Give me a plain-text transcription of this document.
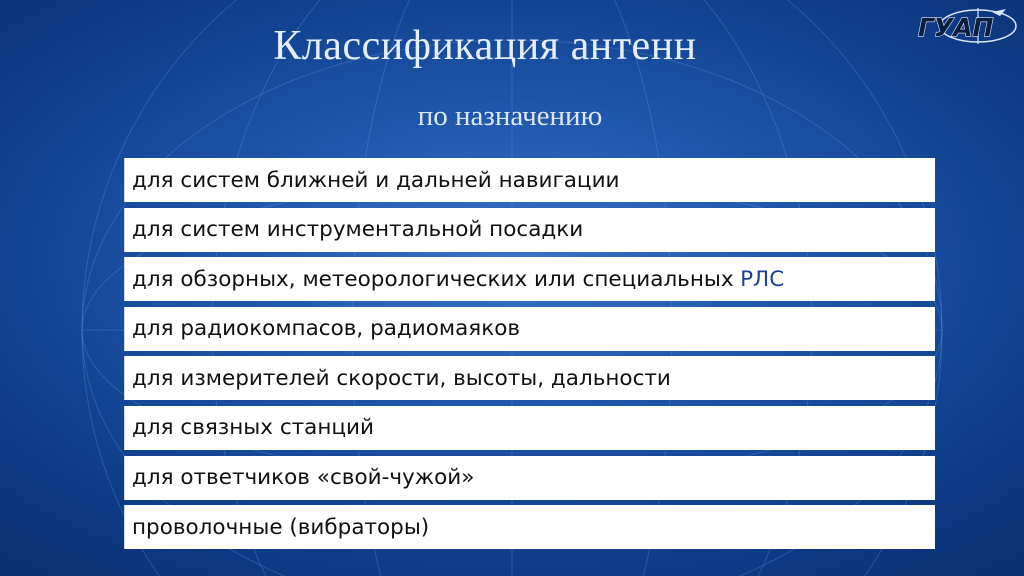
Классификация антенн
по назначению
ГУАП
для систем ближней и дальней навигации
для систем инструментальной посадки
для обзорных, метеорологических или специальных РЛС
для радиокомпасов, радиомаяков
для измерителей скорости, высоты, дальности
для связных станций
для ответчиков «свой-чужой»
проволочные (вибраторы)
